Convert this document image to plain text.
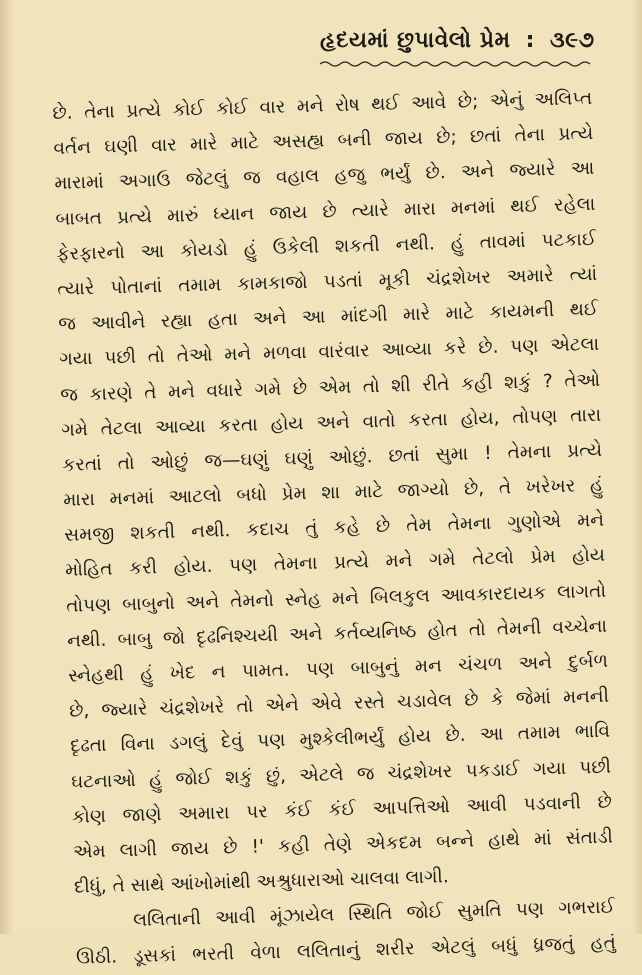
હૃદયમાં છુપાવેલો પ્રેમ : ૩૯૭
છે. તેના પ્રત્યે કોઈ કોઈ વાર મને રોષ થઈ આવે છે; એનું અલિપ્ત
વર્તન ઘણી વાર મારે માટે અસહ્ય બની જાય છે; છતાં તેના પ્રત્યે
મારામાં અગાઉ જેટલું જ વહાલ હજુ ભર્યું છે. અને જ્યારે આ
બાબત પ્રત્યે મારું ધ્યાન જાય છે ત્યારે મારા મનમાં થઈ રહેલા
ફેરફારનો આ કોયડો હું ઉકેલી શકતી નથી. હું તાવમાં પટકાઈ
ત્યારે પોતાનાં તમામ કામકાજો પડતાં મૂકી ચંદ્રશેખર અમારે ત્યાં
જ આવીને રહ્યા હતા અને આ માંદગી મારે માટે કાયમની થઈ
ગયા પછી તો તેઓ મને મળવા વારંવાર આવ્યા કરે છે. પણ એટલા
જ કારણે તે મને વધારે ગમે છે એમ તો શી રીતે કહી શકું ? તેઓ
ગમે તેટલા આવ્યા કરતા હોય અને વાતો કરતા હોય, તોપણ તારા
કરતાં તો ઓછું જ—ઘણું ઘણું ઓછું. છતાં સુમા ! તેમના પ્રત્યે
મારા મનમાં આટલો બધો પ્રેમ શા માટે જાગ્યો છે, તે ખરેખર હું
સમજી શકતી નથી. કદાચ તું કહે છે તેમ તેમના ગુણોએ મને
મોહિત કરી હોય. પણ તેમના પ્રત્યે મને ગમે તેટલો પ્રેમ હોય
તોપણ બાબુનો અને તેમનો સ્નેહ મને બિલકુલ આવકારદાયક લાગતો
નથી. બાબુ જો દૃઢનિશ્ચયી અને કર્તવ્યનિષ્ઠ હોત તો તેમની વચ્ચેના
સ્નેહથી હું ખેદ ન પામત. પણ બાબુનું મન ચંચળ અને દુર્બળ
છે, જ્યારે ચંદ્રશેખરે તો એને એવે રસ્તે ચડાવેલ છે કે જેમાં મનની
દૃઢતા વિના ડગલું દેવું પણ મુશ્કેલીભર્યું હોય છે. આ તમામ ભાવિ
ઘટનાઓ હું જોઈ શકું છું, એટલે જ ચંદ્રશેખર પકડાઈ ગયા પછી
કોણ જાણે અમારા પર કંઈ કંઈ આપત્તિઓ આવી પડવાની છે
એમ લાગી જાય છે !' કહી તેણે એકદમ બન્ને હાથે માં સંતાડી
દીધું, તે સાથે આંખોમાંથી અશ્રુધારાઓ ચાલવા લાગી.
લલિતાની આવી મૂંઝાયેલ સ્થિતિ જોઈ સુમતિ પણ ગભરાઈ
ઊઠી. ડૂસકાં ભરતી વેળા લલિતાનું શરીર એટલું બધું ધ્રજતું હતું
